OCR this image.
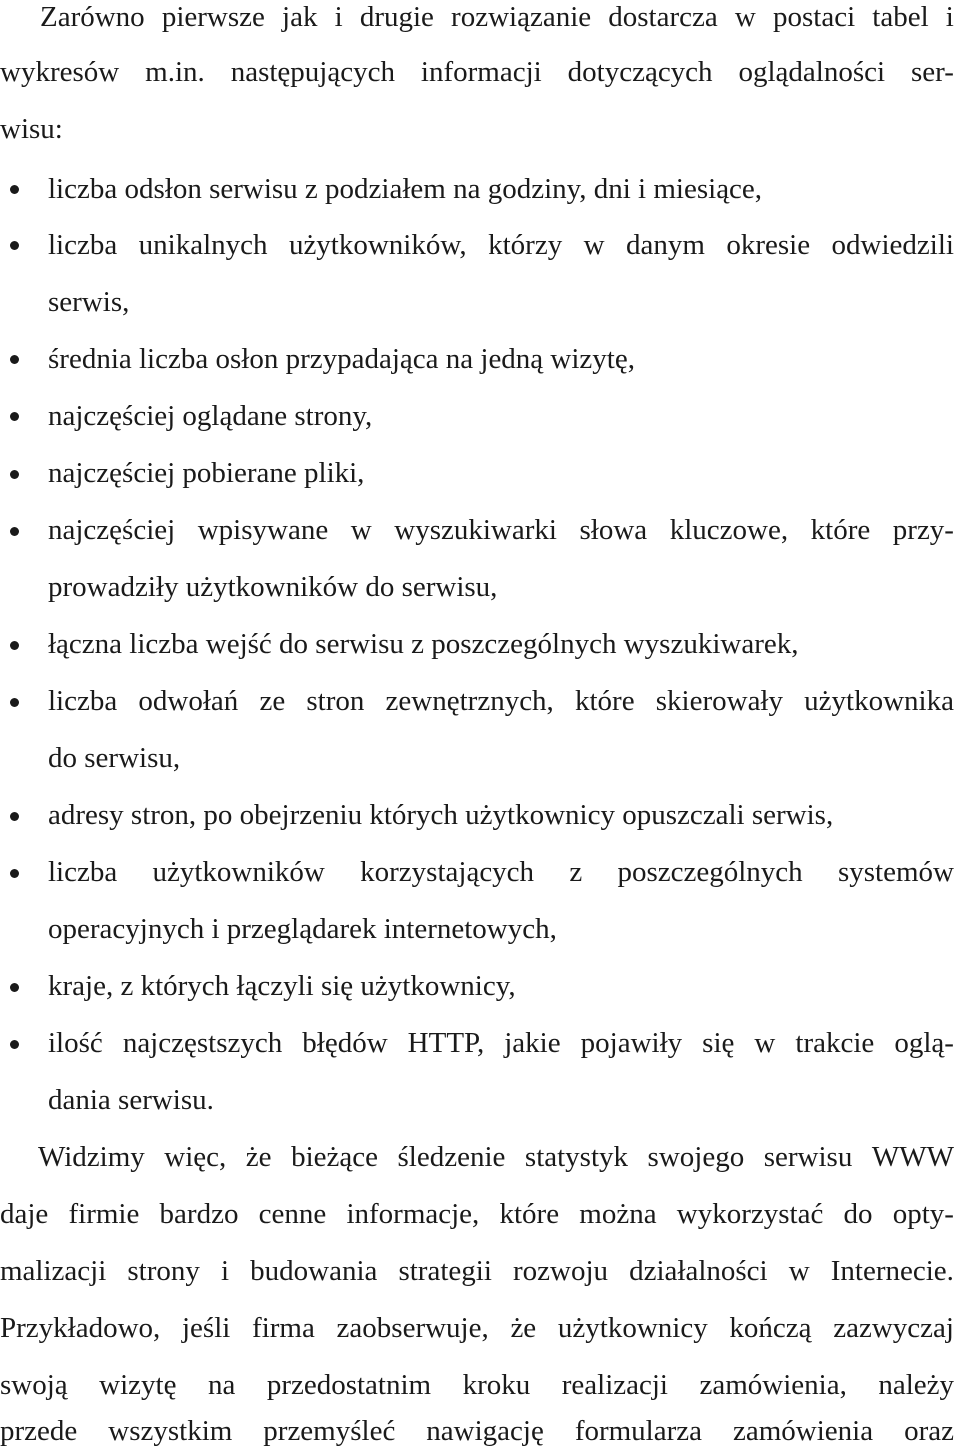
Zarówno pierwsze jak i drugie rozwiązanie dostarcza w postaci tabel i
wykresów m.in. następujących informacji dotyczących oglądalności ser-
wisu:
liczba odsłon serwisu z podziałem na godziny, dni i miesiące,
liczba unikalnych użytkowników, którzy w danym okresie odwiedzili
serwis,
średnia liczba osłon przypadająca na jedną wizytę,
najczęściej oglądane strony,
najczęściej pobierane pliki,
najczęściej wpisywane w wyszukiwarki słowa kluczowe, które przy-
prowadziły użytkowników do serwisu,
łączna liczba wejść do serwisu z poszczególnych wyszukiwarek,
liczba odwołań ze stron zewnętrznych, które skierowały użytkownika
do serwisu,
adresy stron, po obejrzeniu których użytkownicy opuszczali serwis,
liczba użytkowników korzystających z poszczególnych systemów
operacyjnych i przeglądarek internetowych,
kraje, z których łączyli się użytkownicy,
ilość najczęstszych błędów HTTP, jakie pojawiły się w trakcie oglą-
dania serwisu.
Widzimy więc, że bieżące śledzenie statystyk swojego serwisu WWW
daje firmie bardzo cenne informacje, które można wykorzystać do opty-
malizacji strony i budowania strategii rozwoju działalności w Internecie.
Przykładowo, jeśli firma zaobserwuje, że użytkownicy kończą zazwyczaj
swoją wizytę na przedostatnim kroku realizacji zamówienia, należy
przede wszystkim przemyśleć nawigację formularza zamówienia oraz
